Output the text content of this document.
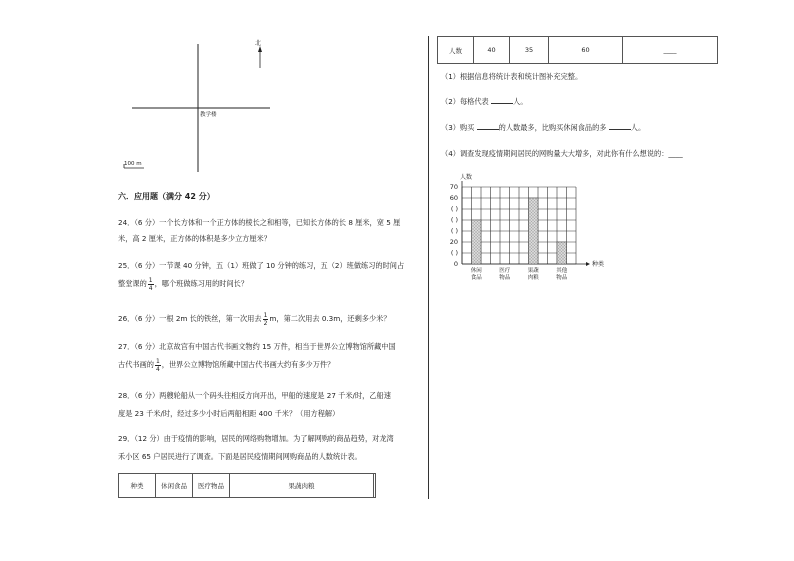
北
教学楼
100 m
六．应用题（满分 42 分）
24．（6 分）一个长方体和一个正方体的棱长之和相等，已知长方体的长 8 厘米，宽 5 厘
米，高 2 厘米，正方体的体积是多少立方厘米？
25．（6 分）一节课 40 分钟，五（1）班做了 10 分钟的练习，五（2）班做练习的时间占
整堂课的 $\frac{1}{4}$ ，哪个班做练习用的时间长？
26．（6 分）一根 2m 长的铁丝，第一次用去 $\frac{1}{2}$ m，第二次用去 0.3m，还剩多少米？
27．（6 分）北京故宫有中国古代书画文物约 15 万件，相当于世界公立博物馆所藏中国
古代书画的 $\frac{1}{4}$ ，世界公立博物馆所藏中国古代书画大约有多少万件？
28．（6 分）两艘轮船从一个码头往相反方向开出，甲船的速度是 27 千米/时，乙船速
度是 23 千米/时，经过多少小时后两船相距 400 千米？（用方程解）
29．（12 分）由于疫情的影响，居民的网络购物增加。为了解网购的商品趋势，对龙湾
禾小区 65 户居民进行了调查。下面是居民疫情期间网购商品的人数统计表。
种类	休闲食品	医疗物品	果蔬肉粮	
人数	40	35	60	____
（1）根据信息将统计表和统计图补充完整。
（2）每格代表	人。
（3）购买	的人数最多，比购买休闲食品的多	人。
（4）调查发现疫情期间居民的网购量大大增多，对此你有什么想说的：____
70
60
( )
( )
( )
20
( )
0
人数
种类
休闲
食品
医疗
物品
果蔬
肉粮
其他
物品
